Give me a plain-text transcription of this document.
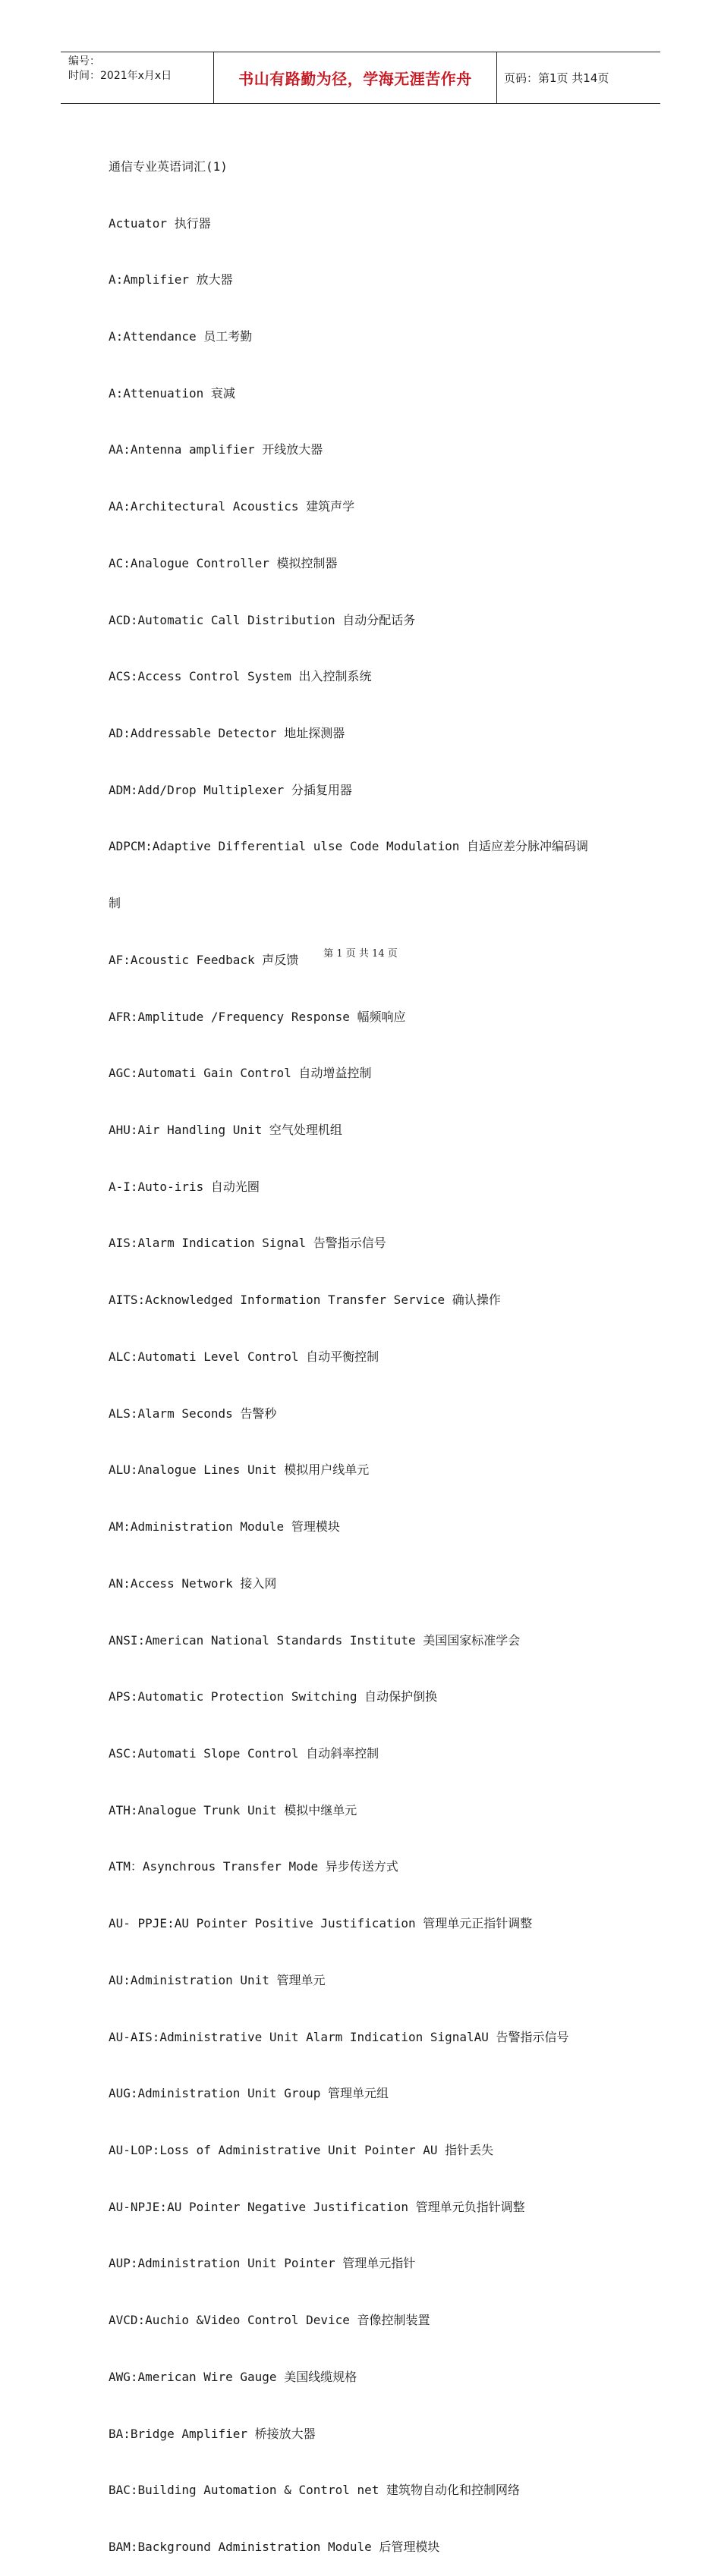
编号：
时间：2021年x月x日	书山有路勤为径，学海无涯苦作舟	页码：第1页 共14页

通信专业英语词汇(1)

Actuator 执行器

A:Amplifier 放大器

A:Attendance 员工考勤

A:Attenuation 衰减

AA:Antenna amplifier 开线放大器

AA:Architectural Acoustics 建筑声学

AC:Analogue Controller 模拟控制器

ACD:Automatic Call Distribution 自动分配话务

ACS:Access Control System 出入控制系统

AD:Addressable Detector 地址探测器

ADM:Add/Drop Multiplexer 分插复用器

ADPCM:Adaptive Differential ulse Code Modulation 自适应差分脉冲编码调

制

AF:Acoustic Feedback 声反馈

AFR:Amplitude /Frequency Response 幅频响应

AGC:Automati Gain Control 自动增益控制

AHU:Air Handling Unit 空气处理机组

A-I:Auto-iris 自动光圈

AIS:Alarm Indication Signal 告警指示信号

AITS:Acknowledged Information Transfer Service 确认操作

ALC:Automati Level Control 自动平衡控制

ALS:Alarm Seconds 告警秒

ALU:Analogue Lines Unit 模拟用户线单元

AM:Administration Module 管理模块

AN:Access Network 接入网

ANSI:American National Standards Institute 美国国家标准学会

APS:Automatic Protection Switching 自动保护倒换

ASC:Automati Slope Control 自动斜率控制

ATH:Analogue Trunk Unit 模拟中继单元

ATM：Asynchrous Transfer Mode 异步传送方式

AU- PPJE:AU Pointer Positive Justification 管理单元正指针调整

AU:Administration Unit 管理单元

AU-AIS:Administrative Unit Alarm Indication SignalAU 告警指示信号

AUG:Administration Unit Group 管理单元组

AU-LOP:Loss of Administrative Unit Pointer AU 指针丢失

AU-NPJE:AU Pointer Negative Justification 管理单元负指针调整

AUP:Administration Unit Pointer 管理单元指针

AVCD:Auchio &Video Control Device 音像控制装置

AWG:American Wire Gauge 美国线缆规格

BA:Bridge Amplifier 桥接放大器

BAC:Building Automation & Control net 建筑物自动化和控制网络

BAM:Background Administration Module 后管理模块

第 1 页 共 14 页
